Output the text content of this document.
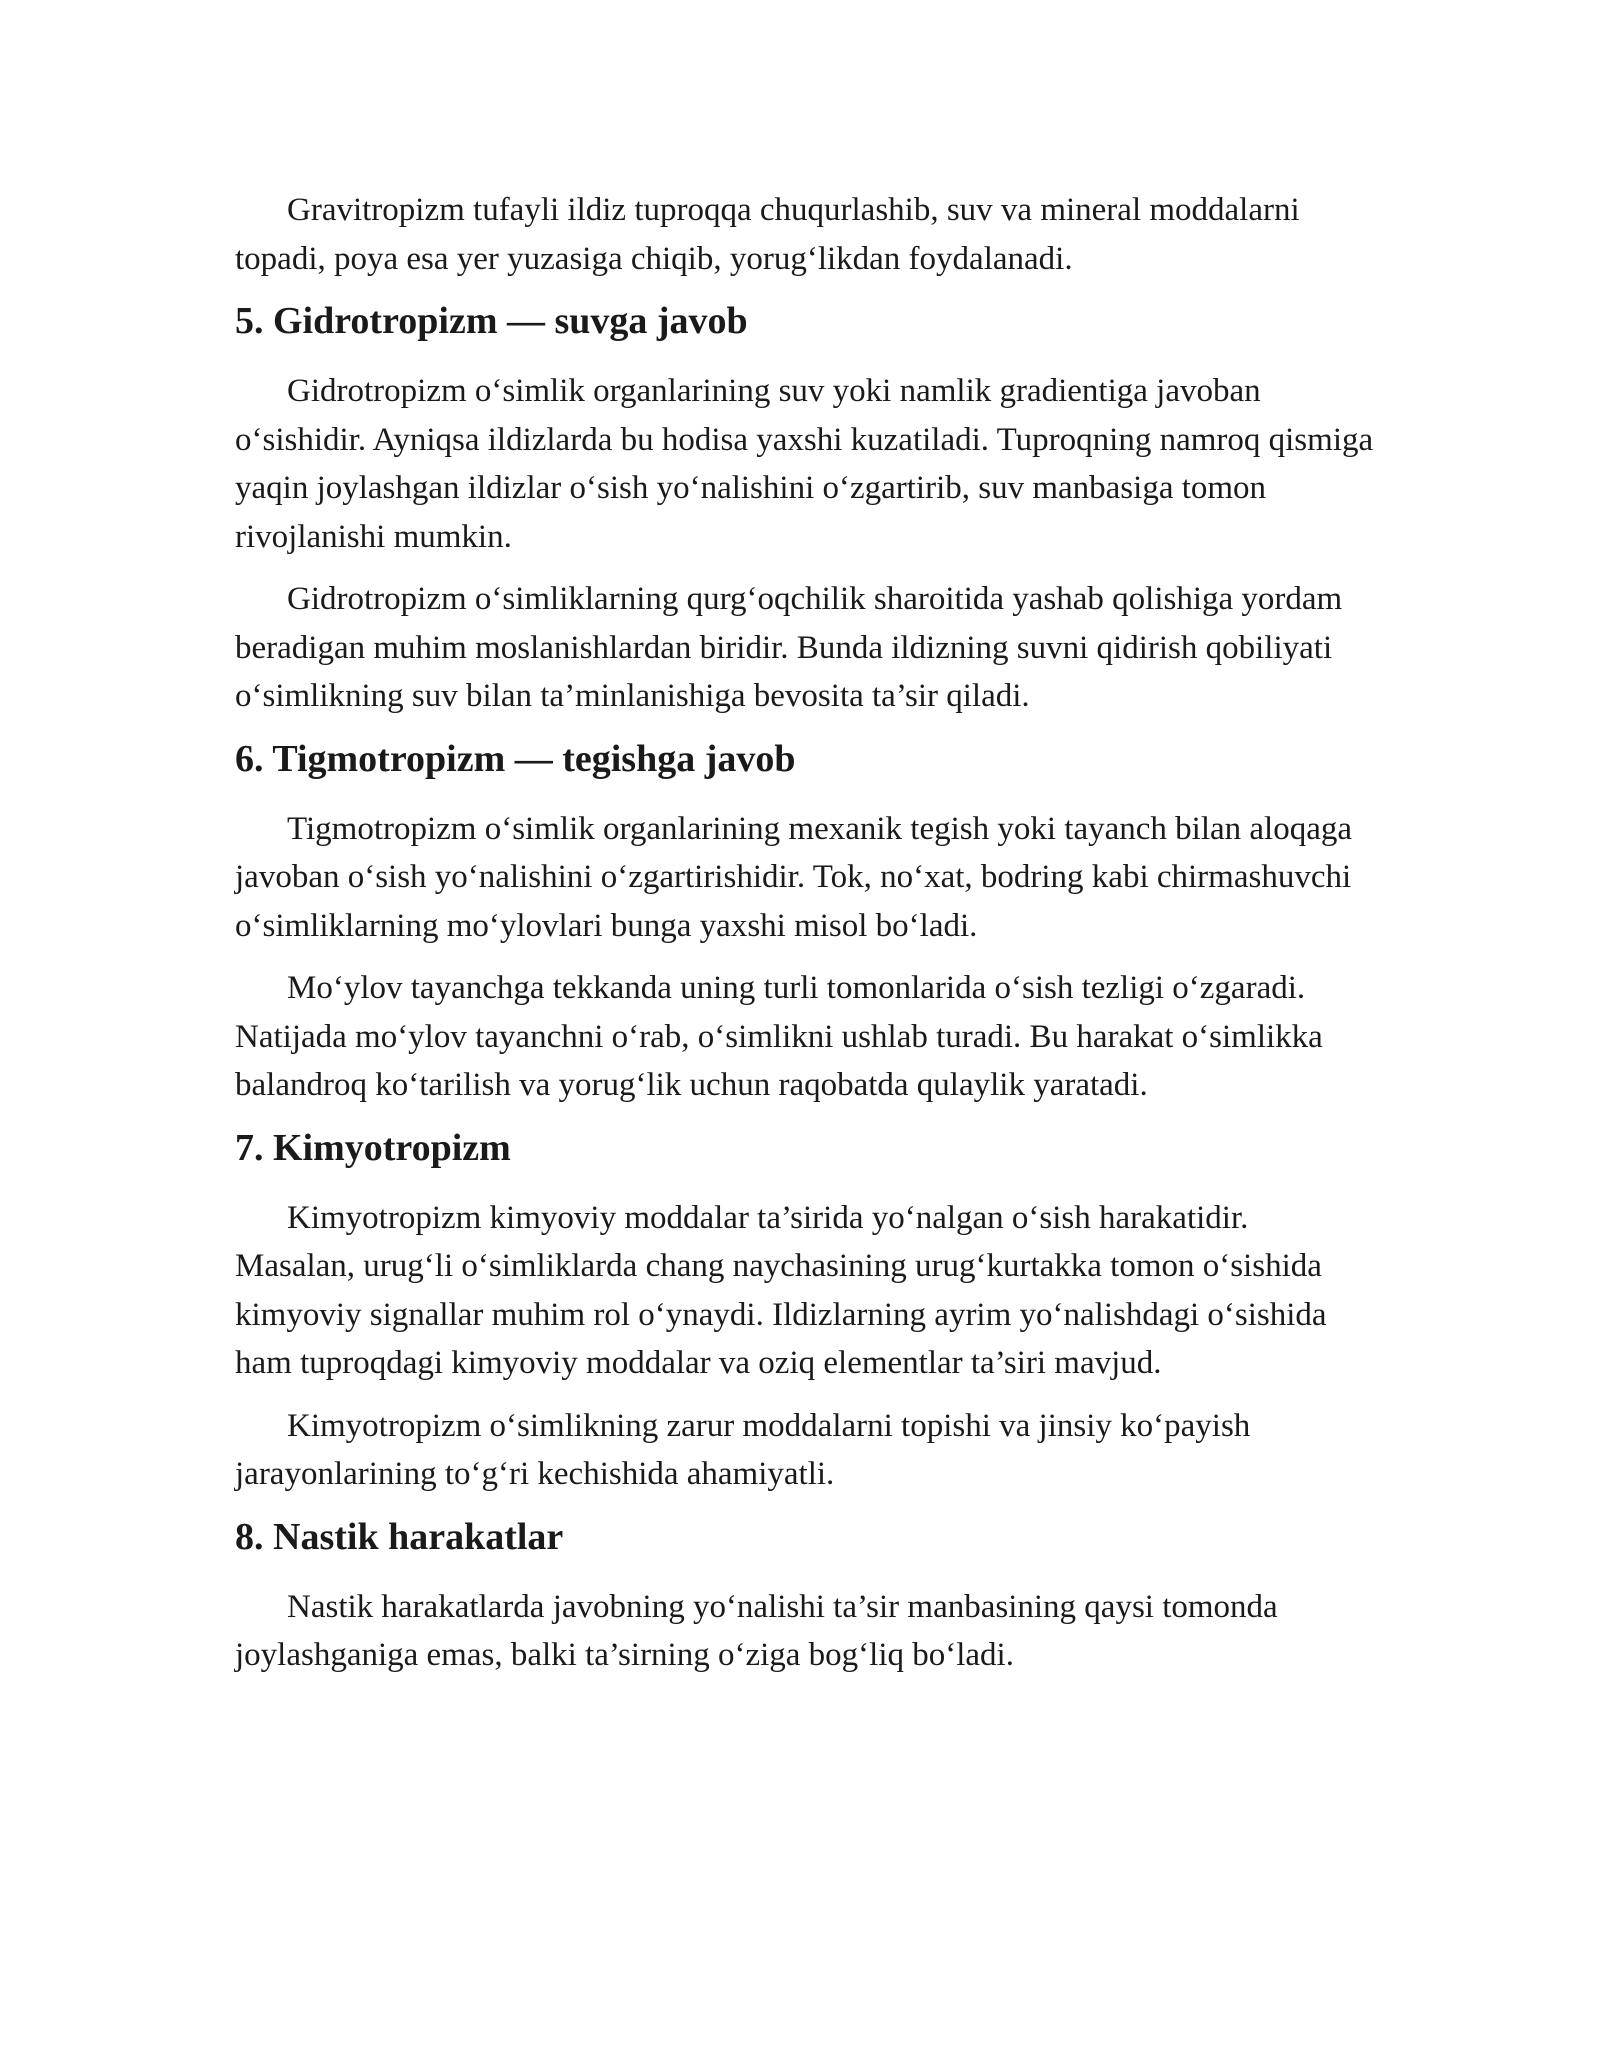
Gravitropizm tufayli ildiz tuproqqa chuqurlashib, suv va mineral moddalarni topadi, poya esa yer yuzasiga chiqib, yorug‘likdan foydalanadi.

5. Gidrotropizm — suvga javob

Gidrotropizm o‘simlik organlarining suv yoki namlik gradientiga javoban o‘sishidir. Ayniqsa ildizlarda bu hodisa yaxshi kuzatiladi. Tuproqning namroq qismiga yaqin joylashgan ildizlar o‘sish yo‘nalishini o‘zgartirib, suv manbasiga tomon rivojlanishi mumkin.

Gidrotropizm o‘simliklarning qurg‘oqchilik sharoitida yashab qolishiga yordam beradigan muhim moslanishlardan biridir. Bunda ildizning suvni qidirish qobiliyati o‘simlikning suv bilan ta’minlanishiga bevosita ta’sir qiladi.

6. Tigmotropizm — tegishga javob

Tigmotropizm o‘simlik organlarining mexanik tegish yoki tayanch bilan aloqaga javoban o‘sish yo‘nalishini o‘zgartirishidir. Tok, no‘xat, bodring kabi chirmashuvchi o‘simliklarning mo‘ylovlari bunga yaxshi misol bo‘ladi.

Mo‘ylov tayanchga tekkanda uning turli tomonlarida o‘sish tezligi o‘zgaradi. Natijada mo‘ylov tayanchni o‘rab, o‘simlikni ushlab turadi. Bu harakat o‘simlikka balandroq ko‘tarilish va yorug‘lik uchun raqobatda qulaylik yaratadi.

7. Kimyotropizm

Kimyotropizm kimyoviy moddalar ta’sirida yo‘nalgan o‘sish harakatidir. Masalan, urug‘li o‘simliklarda chang naychasining urug‘kurtakka tomon o‘sishida kimyoviy signallar muhim rol o‘ynaydi. Ildizlarning ayrim yo‘nalishdagi o‘sishida ham tuproqdagi kimyoviy moddalar va oziq elementlar ta’siri mavjud.

Kimyotropizm o‘simlikning zarur moddalarni topishi va jinsiy ko‘payish jarayonlarining to‘g‘ri kechishida ahamiyatli.

8. Nastik harakatlar

Nastik harakatlarda javobning yo‘nalishi ta’sir manbasining qaysi tomonda joylashganiga emas, balki ta’sirning o‘ziga bog‘liq bo‘ladi.
